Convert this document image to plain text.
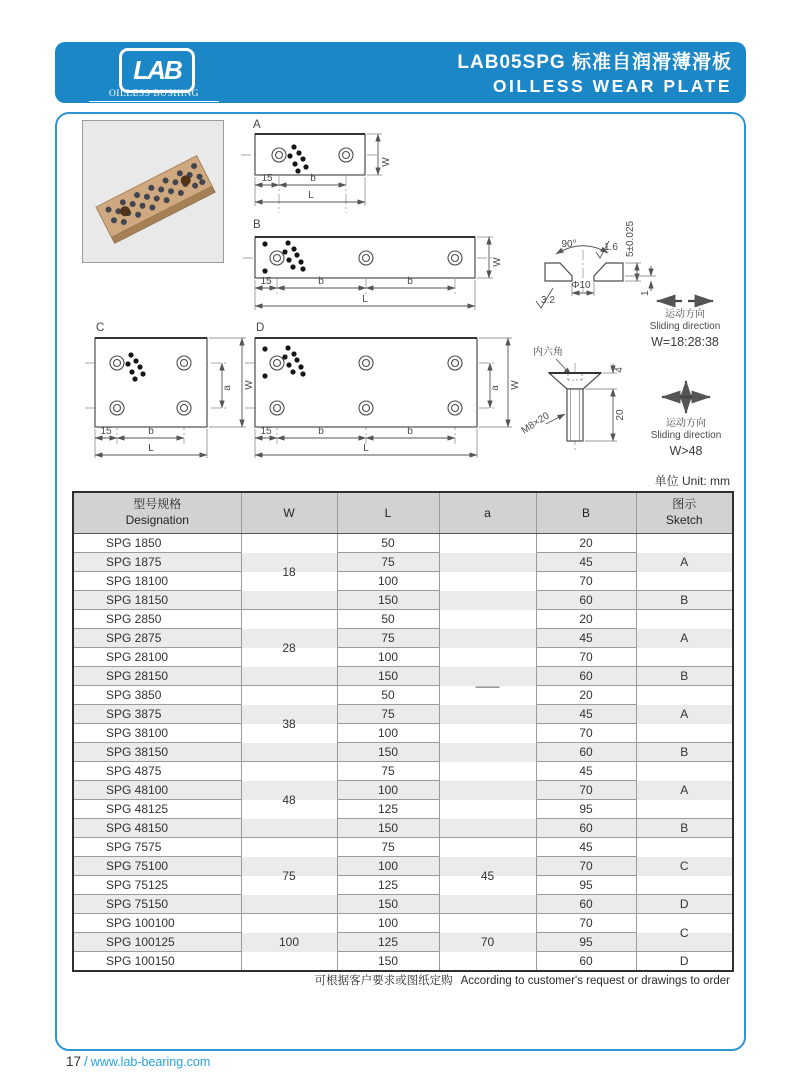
LAB
OILLESS BUSHING
LAB05SPG 标准自润滑薄滑板
OILLESS WEAR PLATE
A
W
15	b
L
B
W
15	b	b
L
C
a W
15	b
L
D
a W
15	b	b
L
90°	1.6 5±0.025
1
Φ10
3.2
内六角
M8×20
4
20
运动方向
Sliding direction
W=18:28:38
运动方向
Sliding direction
W>48
单位 Unit: mm
型号规格
Designation	W	L	a	B	图示
Sketch

SPG 1850		50		20	
SPG 1875	18	75		45	A
SPG 18100		100		70	
SPG 18150		150		60	B
SPG 2850		50		20	
SPG 2875	28	75		45	A
SPG 28100		100		70	
SPG 28150		150	——	60	B
SPG 3850		50		20	
SPG 3875	38	75		45	A
SPG 38100		100		70	
SPG 38150		150		60	B
SPG 4875		75		45	
SPG 48100	48	100		70	A
SPG 48125		125		95	
SPG 48150		150		60	B
SPG 7575		75		45	
SPG 75100	75	100	45	70	C
SPG 75125		125		95	
SPG 75150		150		60	D
SPG 100100		100		70	C
SPG 100125	100	125	70	95	
SPG 100150		150		60	D
可根据客户要求或图纸定购 According to customer's request or drawings to order
17 / www.lab-bearing.com
